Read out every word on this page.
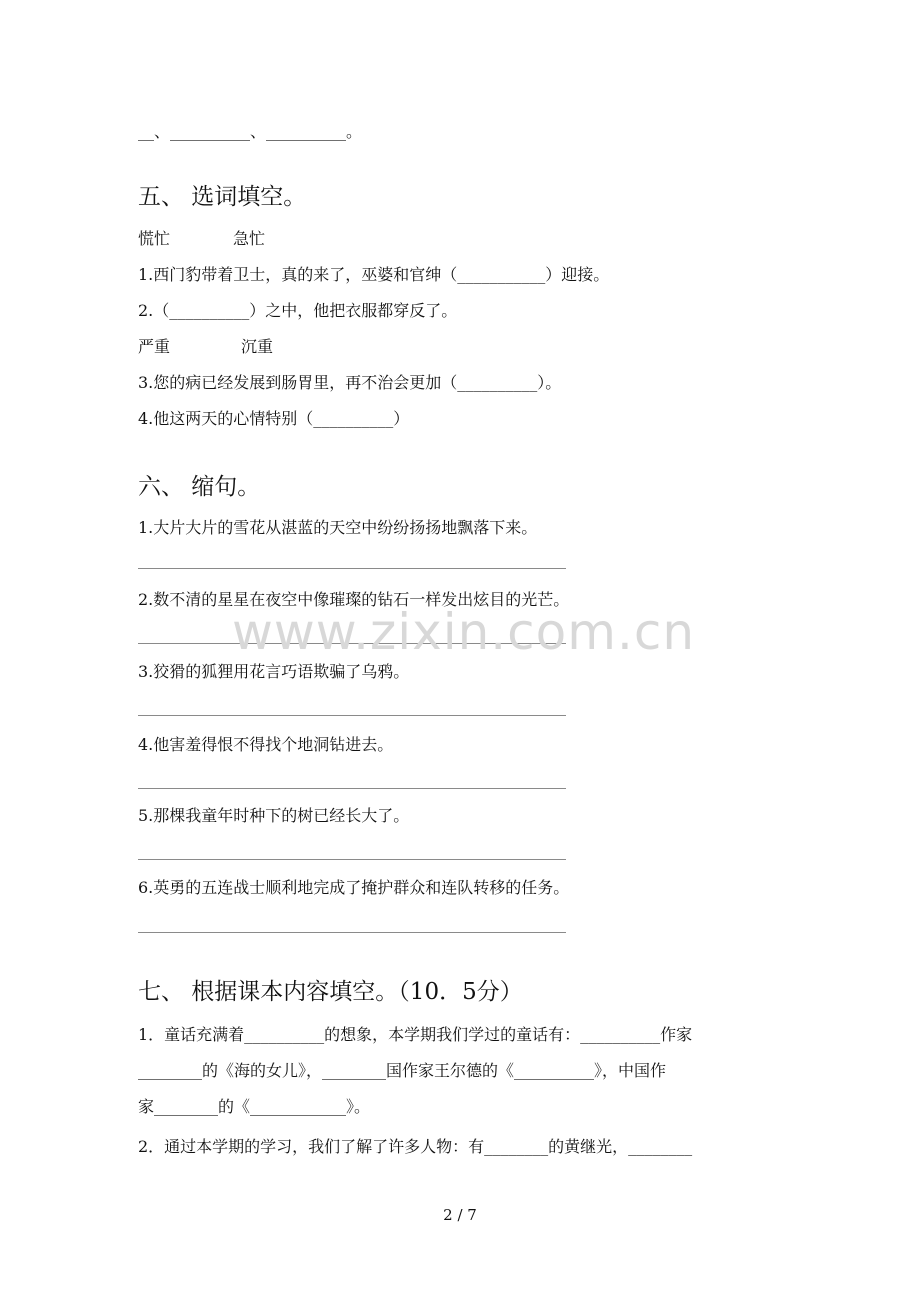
__、__________、__________。
五、 选词填空。
慌忙	急忙
1.西门豹带着卫士，真的来了，巫婆和官绅（___________）迎接。
2.（__________）之中，他把衣服都穿反了。
严重	沉重
3.您的病已经发展到肠胃里，再不治会更加（__________）。
4.他这两天的心情特别（__________）
六、 缩句。
1.大片大片的雪花从湛蓝的天空中纷纷扬扬地飘落下来。
2.数不清的星星在夜空中像璀璨的钻石一样发出炫目的光芒。
3.狡猾的狐狸用花言巧语欺骗了乌鸦。
4.他害羞得恨不得找个地洞钻进去。
5.那棵我童年时种下的树已经长大了。
6.英勇的五连战士顺利地完成了掩护群众和连队转移的任务。
七、 根据课本内容填空。（10．5分）
1．童话充满着__________的想象，本学期我们学过的童话有：__________作家
________的《海的女儿》，________国作家王尔德的《__________》，中国作
家________的《____________》。
2．通过本学期的学习，我们了解了许多人物：有________的黄继光，________
www.zixin.com.cn
2 / 7
